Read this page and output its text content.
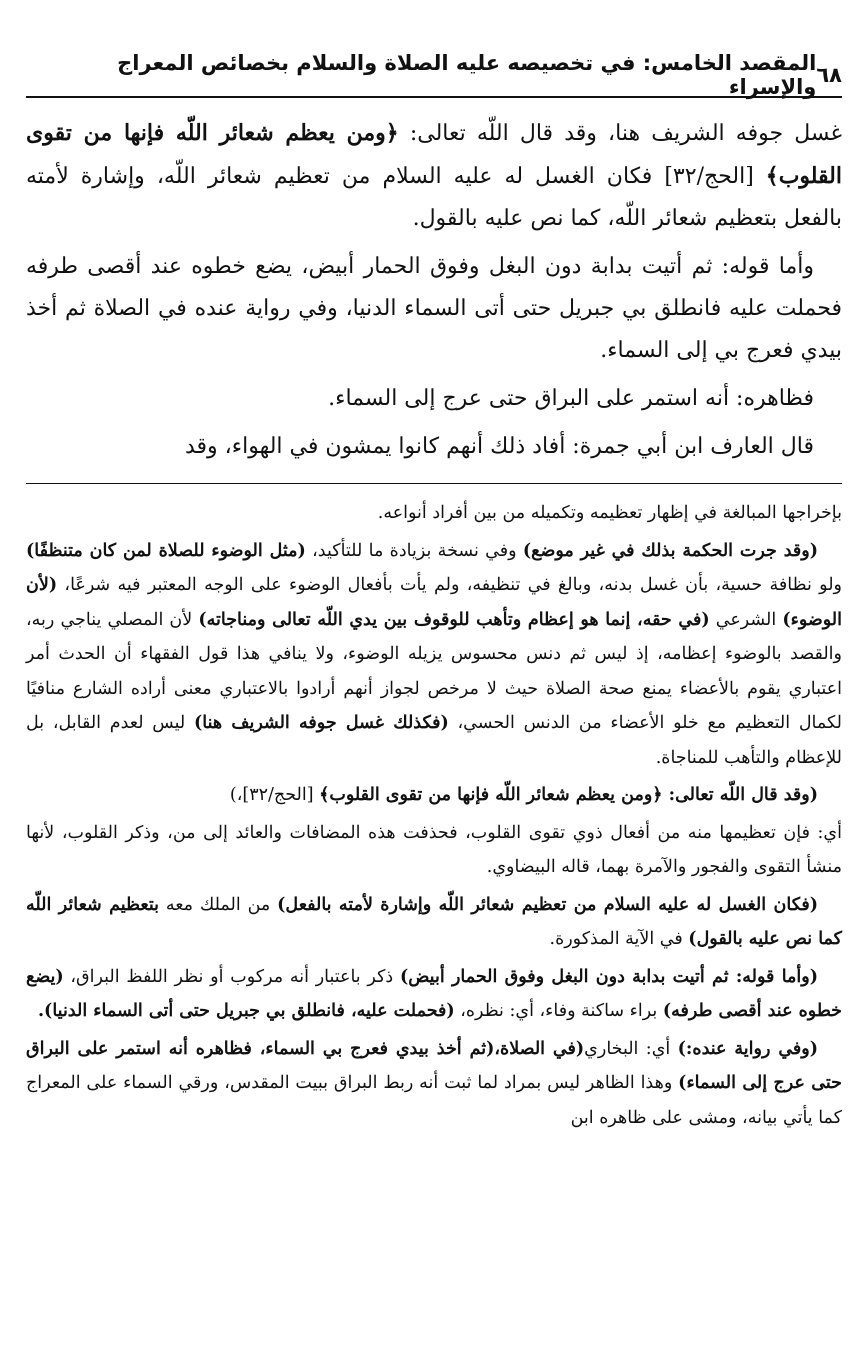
٦٨
المقصد الخامس: في تخصيصه عليه الصلاة والسلام بخصائص المعراج والإسراء

غسل جوفه الشريف هنا، وقد قال اللّه تعالى: ﴿ومن يعظم شعائر اللّه فإنها من تقوى القلوب﴾ [الحج/٣٢] فكان الغسل له عليه السلام من تعظيم شعائر اللّه، وإشارة لأمته بالفعل بتعظيم شعائر اللّه، كما نص عليه بالقول.

وأما قوله: ثم أتيت بدابة دون البغل وفوق الحمار أبيض، يضع خطوه عند أقصى طرفه فحملت عليه فانطلق بي جبريل حتى أتى السماء الدنيا، وفي رواية عنده في الصلاة ثم أخذ بيدي فعرج بي إلى السماء.

فظاهره: أنه استمر على البراق حتى عرج إلى السماء.

قال العارف ابن أبي جمرة: أفاد ذلك أنهم كانوا يمشون في الهواء، وقد

بإخراجها المبالغة في إظهار تعظيمه وتكميله من بين أفراد أنواعه.

(وقد جرت الحكمة بذلك في غير موضع) وفي نسخة بزيادة ما للتأكيد، (مثل الوضوء للصلاة لمن كان متنظفًا) ولو نظافة حسية، بأن غسل بدنه، وبالغ في تنظيفه، ولم يأت بأفعال الوضوء على الوجه المعتبر فيه شرعًا، (لأن الوضوء) الشرعي (في حقه، إنما هو إعظام وتأهب للوقوف بين يدي اللّه تعالى ومناجاته) لأن المصلي يناجي ربه، والقصد بالوضوء إعظامه، إذ ليس ثم دنس محسوس يزيله الوضوء، ولا ينافي هذا قول الفقهاء أن الحدث أمر اعتباري يقوم بالأعضاء يمنع صحة الصلاة حيث لا مرخص لجواز أنهم أرادوا بالاعتباري معنى أراده الشارع منافيًا لكمال التعظيم مع خلو الأعضاء من الدنس الحسي، (فكذلك غسل جوفه الشريف هنا) ليس لعدم القابل، بل للإعظام والتأهب للمناجاة.

(وقد قال اللّه تعالى: ﴿ومن يعظم شعائر اللّه فإنها من تقوى القلوب﴾ [الحج/٣٢]،)

أي: فإن تعظيمها منه من أفعال ذوي تقوى القلوب، فحذفت هذه المضافات والعائد إلى من، وذكر القلوب، لأنها منشأ التقوى والفجور والآمرة بهما، قاله البيضاوي.

(فكان الغسل له عليه السلام من تعظيم شعائر اللّه وإشارة لأمته بالفعل) من الملك معه بتعظيم شعائر اللّه كما نص عليه بالقول) في الآية المذكورة.

(وأما قوله: ثم أتيت بدابة دون البغل وفوق الحمار أبيض) ذكر باعتبار أنه مركوب أو نظر اللفظ البراق، (يضع خطوه عند أقصى طرفه) براء ساكنة وفاء، أي: نظره، (فحملت عليه، فانطلق بي جبريل حتى أتى السماء الدنيا).

(وفي رواية عنده:) أي: البخاري(في الصلاة،(ثم أخذ بيدي فعرج بي السماء، فظاهره أنه استمر على البراق حتى عرج إلى السماء) وهذا الظاهر ليس بمراد لما ثبت أنه ربط البراق ببيت المقدس، ورقي السماء على المعراج كما يأتي بيانه، ومشى على ظاهره ابن
